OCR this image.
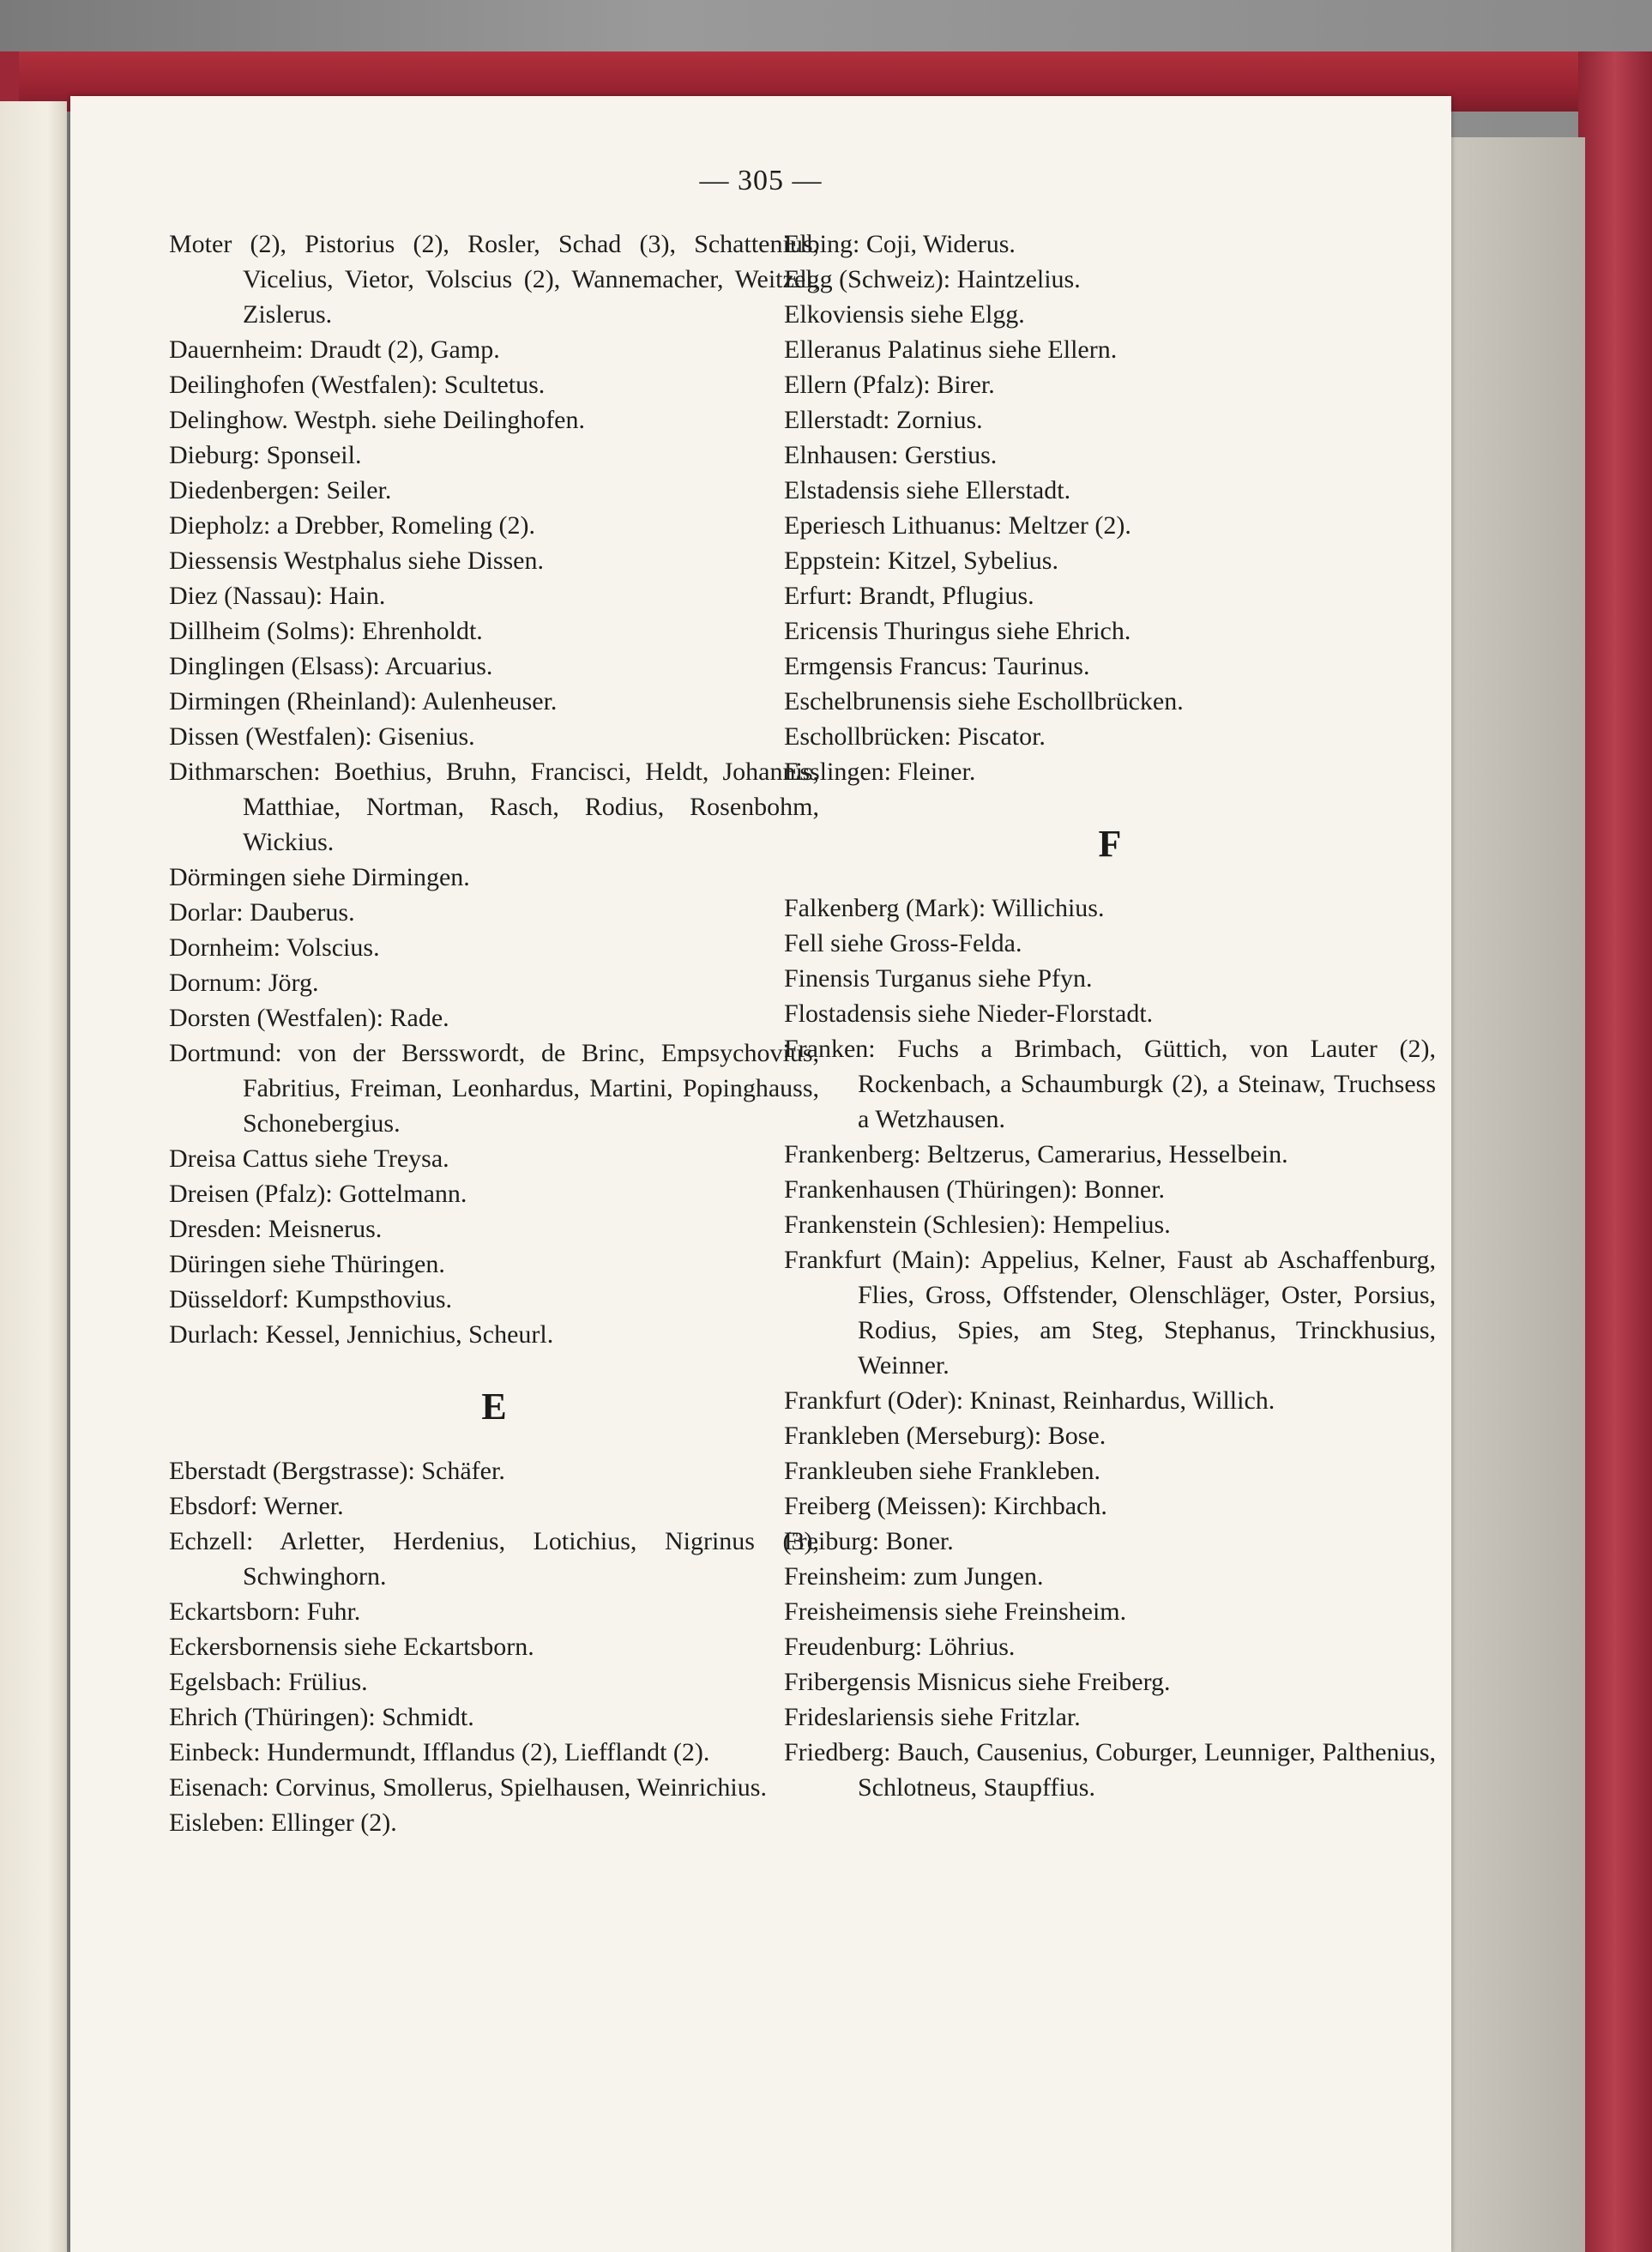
— 305 —

Moter (2), Pistorius (2), Rosler, Schad (3), Schattenius, Vicelius, Vietor, Volscius (2), Wannemacher, Weitzel, Zislerus.

Dauernheim: Draudt (2), Gamp.

Deilinghofen (Westfalen): Scultetus.

Delinghow. Westph. siehe Deilinghofen.

Dieburg: Sponseil.

Diedenbergen: Seiler.

Diepholz: a Drebber, Romeling (2).

Diessensis Westphalus siehe Dissen.

Diez (Nassau): Hain.

Dillheim (Solms): Ehrenholdt.

Dinglingen (Elsass): Arcuarius.

Dirmingen (Rheinland): Aulenheuser.

Dissen (Westfalen): Gisenius.

Dithmarschen: Boethius, Bruhn, Francisci, Heldt, Johannis, Matthiae, Nortman, Rasch, Rodius, Rosenbohm, Wickius.

Dörmingen siehe Dirmingen.

Dorlar: Dauberus.

Dornheim: Volscius.

Dornum: Jörg.

Dorsten (Westfalen): Rade.

Dortmund: von der Bersswordt, de Brinc, Empsychovius, Fabritius, Freiman, Leonhardus, Martini, Popinghauss, Schonebergius.

Dreisa Cattus siehe Treysa.

Dreisen (Pfalz): Gottelmann.

Dresden: Meisnerus.

Düringen siehe Thüringen.

Düsseldorf: Kumpsthovius.

Durlach: Kessel, Jennichius, Scheurl.

E

Eberstadt (Bergstrasse): Schäfer.

Ebsdorf: Werner.

Echzell: Arletter, Herdenius, Lotichius, Nigrinus (3), Schwinghorn.

Eckartsborn: Fuhr.

Eckersbornensis siehe Eckartsborn.

Egelsbach: Frülius.

Ehrich (Thüringen): Schmidt.

Einbeck: Hundermundt, Ifflandus (2), Liefflandt (2).

Eisenach: Corvinus, Smollerus, Spielhausen, Weinrichius.

Eisleben: Ellinger (2).

Elbing: Coji, Widerus.

Elgg (Schweiz): Haintzelius.

Elkoviensis siehe Elgg.

Elleranus Palatinus siehe Ellern.

Ellern (Pfalz): Birer.

Ellerstadt: Zornius.

Elnhausen: Gerstius.

Elstadensis siehe Ellerstadt.

Eperiesch Lithuanus: Meltzer (2).

Eppstein: Kitzel, Sybelius.

Erfurt: Brandt, Pflugius.

Ericensis Thuringus siehe Ehrich.

Ermgensis Francus: Taurinus.

Eschelbrunensis siehe Eschollbrücken.

Eschollbrücken: Piscator.

Esslingen: Fleiner.

F

Falkenberg (Mark): Willichius.

Fell siehe Gross-Felda.

Finensis Turganus siehe Pfyn.

Flostadensis siehe Nieder-Florstadt.

Franken: Fuchs a Brimbach, Güttich, von Lauter (2), Rockenbach, a Schaumburgk (2), a Steinaw, Truchsess a Wetzhausen.

Frankenberg: Beltzerus, Camerarius, Hesselbein.

Frankenhausen (Thüringen): Bonner.

Frankenstein (Schlesien): Hempelius.

Frankfurt (Main): Appelius, Kelner, Faust ab Aschaffenburg, Flies, Gross, Offstender, Olenschläger, Oster, Porsius, Rodius, Spies, am Steg, Stephanus, Trinckhusius, Weinner.

Frankfurt (Oder): Kninast, Reinhardus, Willich.

Frankleben (Merseburg): Bose.

Frankleuben siehe Frankleben.

Freiberg (Meissen): Kirchbach.

Freiburg: Boner.

Freinsheim: zum Jungen.

Freisheimensis siehe Freinsheim.

Freudenburg: Löhrius.

Fribergensis Misnicus siehe Freiberg.

Frideslariensis siehe Fritzlar.

Friedberg: Bauch, Causenius, Coburger, Leunniger, Palthenius, Schlotneus, Staupffius.
